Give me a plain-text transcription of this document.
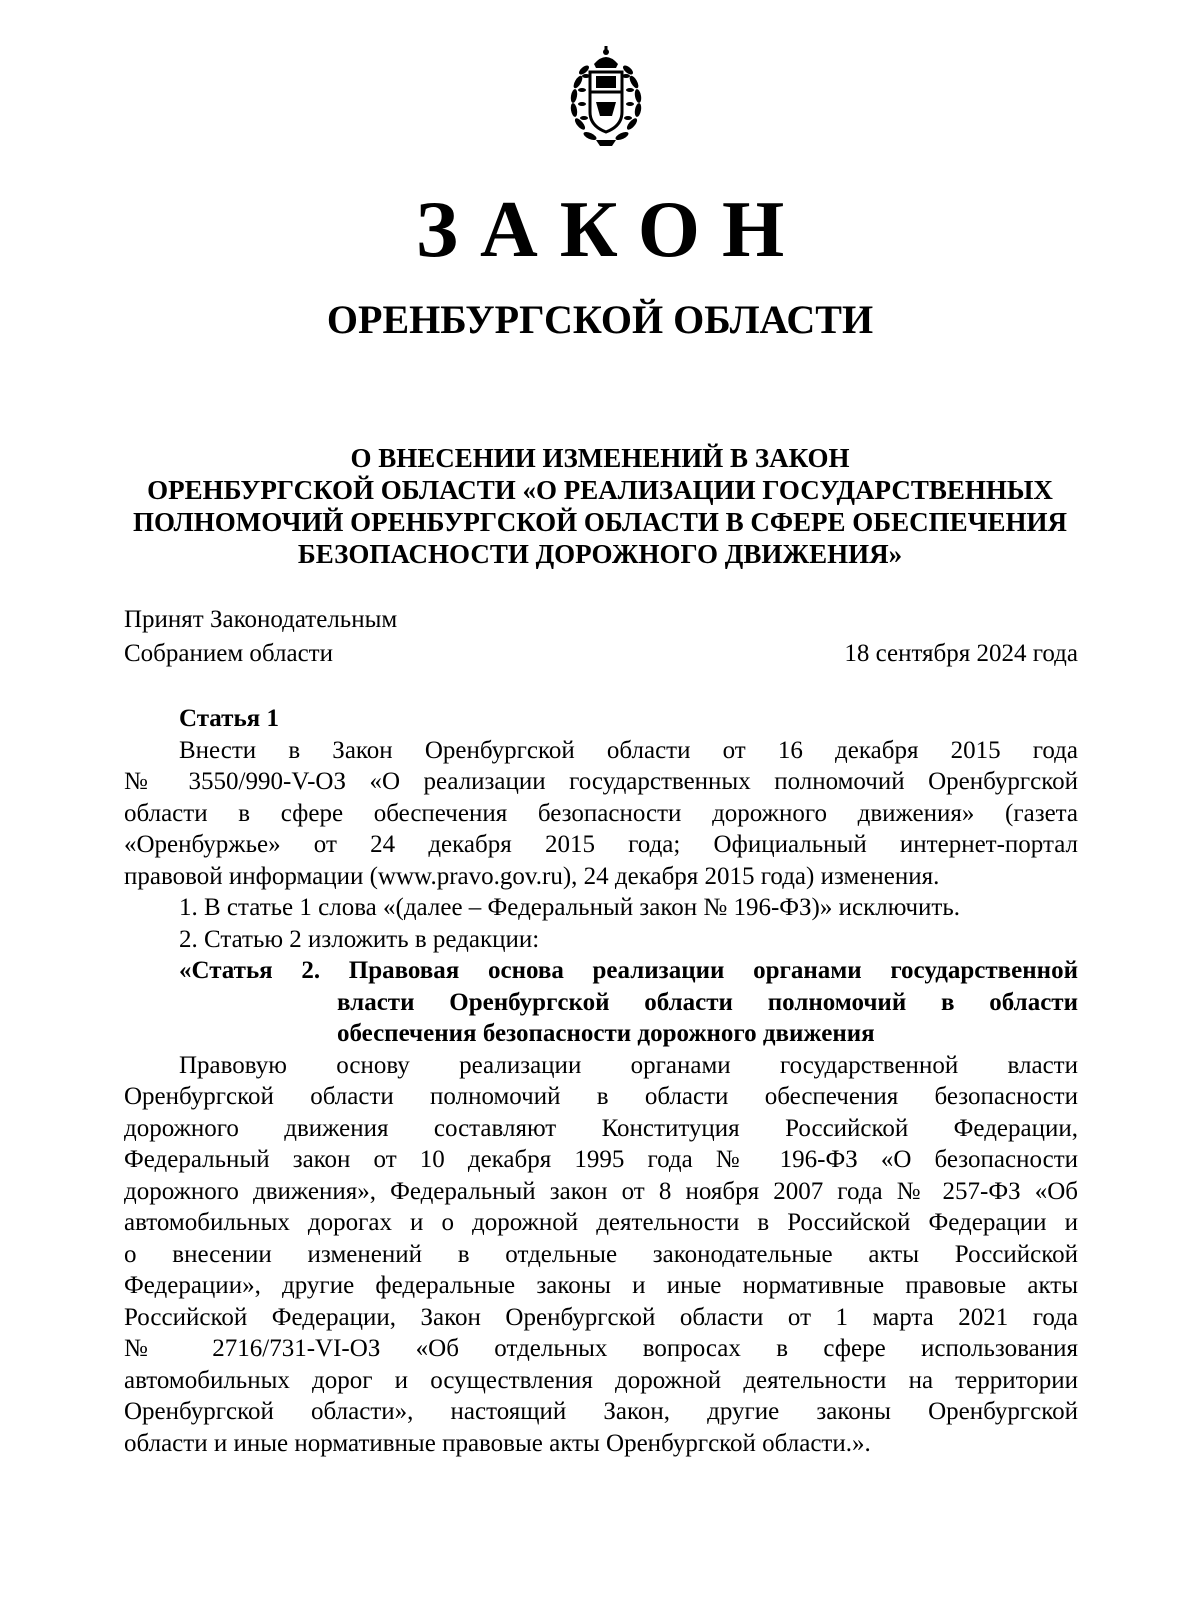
ЗАКОН
ОРЕНБУРГСКОЙ ОБЛАСТИ
О ВНЕСЕНИИ ИЗМЕНЕНИЙ В ЗАКОН
ОРЕНБУРГСКОЙ ОБЛАСТИ «О РЕАЛИЗАЦИИ ГОСУДАРСТВЕННЫХ
ПОЛНОМОЧИЙ ОРЕНБУРГСКОЙ ОБЛАСТИ В СФЕРЕ ОБЕСПЕЧЕНИЯ
БЕЗОПАСНОСТИ ДОРОЖНОГО ДВИЖЕНИЯ»
Принят Законодательным
Собранием области	18 сентября 2024 года
Статья 1
Внести в Закон Оренбургской области от 16 декабря 2015 года
№ 3550/990-V-ОЗ «О реализации государственных полномочий Оренбургской
области в сфере обеспечения безопасности дорожного движения» (газета
«Оренбуржье» от 24 декабря 2015 года; Официальный интернет-портал
правовой информации (www.pravo.gov.ru), 24 декабря 2015 года) изменения.
1. В статье 1 слова «(далее – Федеральный закон № 196-ФЗ)» исключить.
2. Статью 2 изложить в редакции:
«Статья 2. Правовая основа реализации органами государственной
власти Оренбургской области полномочий в области
обеспечения безопасности дорожного движения
Правовую основу реализации органами государственной власти
Оренбургской области полномочий в области обеспечения безопасности
дорожного движения составляют Конституция Российской Федерации,
Федеральный закон от 10 декабря 1995 года № 196-ФЗ «О безопасности
дорожного движения», Федеральный закон от 8 ноября 2007 года № 257-ФЗ «Об
автомобильных дорогах и о дорожной деятельности в Российской Федерации и
о внесении изменений в отдельные законодательные акты Российской
Федерации», другие федеральные законы и иные нормативные правовые акты
Российской Федерации, Закон Оренбургской области от 1 марта 2021 года
№ 2716/731-VI-ОЗ «Об отдельных вопросах в сфере использования
автомобильных дорог и осуществления дорожной деятельности на территории
Оренбургской области», настоящий Закон, другие законы Оренбургской
области и иные нормативные правовые акты Оренбургской области.».
